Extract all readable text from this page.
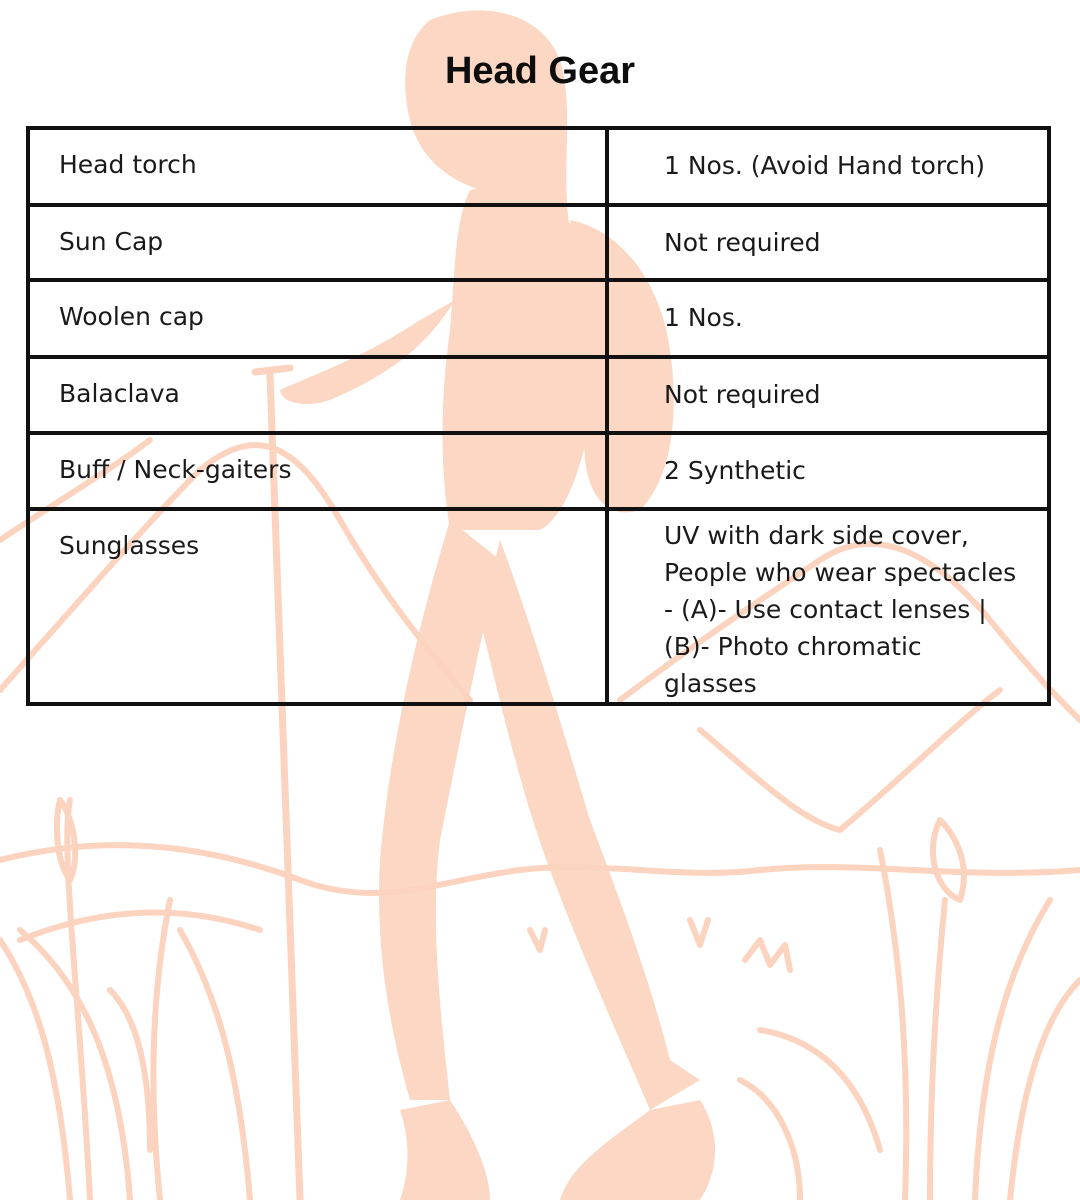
Head Gear
Head torch	1 Nos. (Avoid Hand torch)
Sun Cap	Not required
Woolen cap	1 Nos.
Balaclava	Not required
Buff / Neck-gaiters	2 Synthetic
Sunglasses	UV with dark side cover, People who wear spectacles - (A)- Use contact lenses | (B)- Photo chromatic glasses
